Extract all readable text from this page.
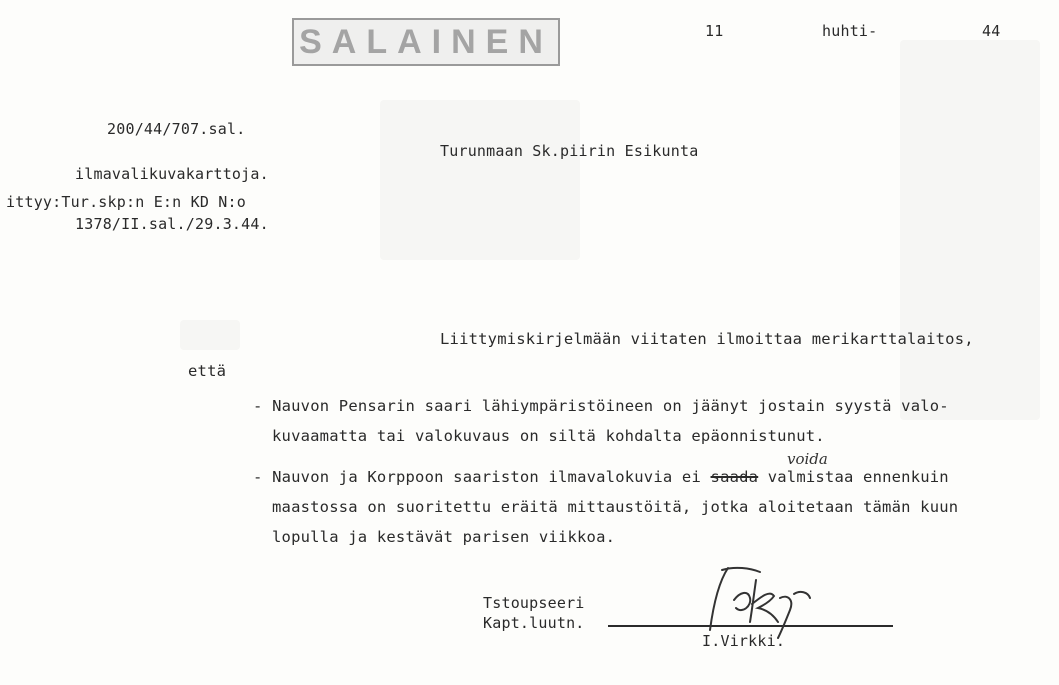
SALAINEN	11	huhti-	44
200/44/707.sal.
ilmavalikuvakarttoja.
ittyy:Tur.skp:n E:n KD N:o
1378/II.sal./29.3.44.
Turunmaan Sk.piirin Esikunta
Liittymiskirjelmään viitaten ilmoittaa merikarttalaitos,
että
- Nauvon Pensarin saari lähiympäristöineen on jäänyt jostain syystä valo-
kuvaamatta tai valokuvaus on siltä kohdalta epäonnistunut.
- Nauvon ja Korppoon saariston ilmavalokuvia ei saada valmistaa ennenkuin
voida
maastossa on suoritettu eräitä mittaustöitä, jotka aloitetaan tämän kuun
lopulla ja kestävät parisen viikkoa.
Tstoupseeri
Kapt.luutn.
I.Virkki.
